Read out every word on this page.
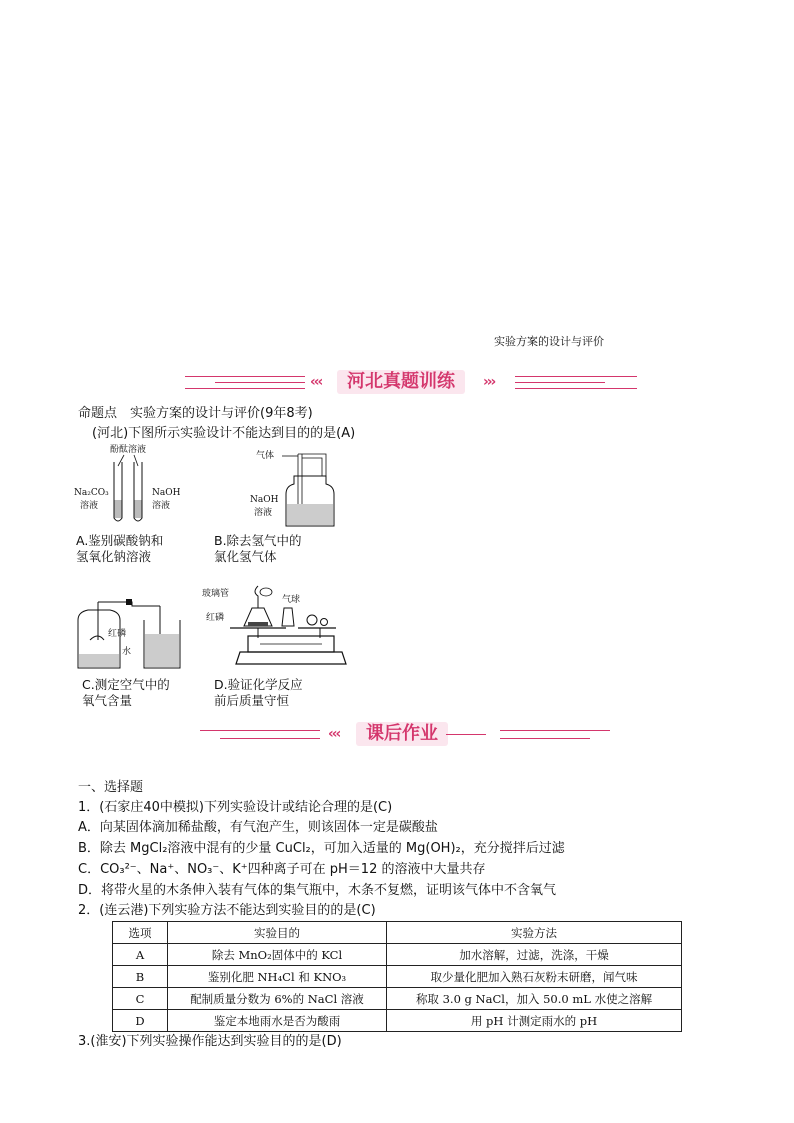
实验方案的设计与评价
‹‹‹	河北真题训练	›››
命题点　实验方案的设计与评价(9年8考)
(河北)下图所示实验设计不能达到目的的是(A)
酚酞溶液
Na₂CO₃
溶液
NaOH
溶液
A.鉴别碳酸钠和
氢氧化钠溶液
气体
NaOH
溶液
B.除去氢气中的
氯化氢气体
红磷
水
C.测定空气中的
氧气含量
玻璃管
气球
红磷
D.验证化学反应
前后质量守恒
‹‹‹	课后作业
一、选择题
1．(石家庄40中模拟)下列实验设计或结论合理的是(C)
A．向某固体滴加稀盐酸，有气泡产生，则该固体一定是碳酸盐
B．除去 MgCl₂溶液中混有的少量 CuCl₂，可加入适量的 Mg(OH)₂，充分搅拌后过滤
C．CO₃²⁻、Na⁺、NO₃⁻、K⁺四种离子可在 pH＝12 的溶液中大量共存
D．将带火星的木条伸入装有气体的集气瓶中，木条不复燃，证明该气体中不含氧气
2．(连云港)下列实验方法不能达到实验目的的是(C)
选项	实验目的	实验方法
A	除去 MnO₂固体中的 KCl	加水溶解，过滤，洗涤，干燥
B	鉴别化肥 NH₄Cl 和 KNO₃	取少量化肥加入熟石灰粉末研磨，闻气味
C	配制质量分数为 6%的 NaCl 溶液	称取 3.0 g NaCl，加入 50.0 mL 水使之溶解
D	鉴定本地雨水是否为酸雨	用 pH 计测定雨水的 pH
3.(淮安)下列实验操作能达到实验目的的是(D)
